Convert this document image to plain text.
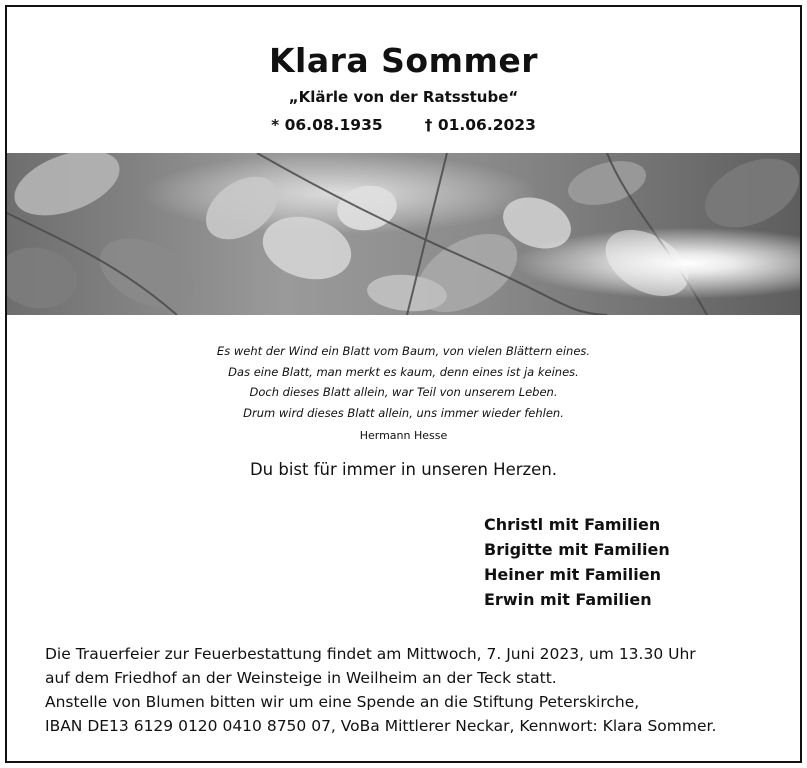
Klara Sommer
„Klärle von der Ratsstube“
* 06.08.1935	† 01.06.2023
Es weht der Wind ein Blatt vom Baum, von vielen Blättern eines.
Das eine Blatt, man merkt es kaum, denn eines ist ja keines.
Doch dieses Blatt allein, war Teil von unserem Leben.
Drum wird dieses Blatt allein, uns immer wieder fehlen.
Hermann Hesse
Du bist für immer in unseren Herzen.
Christl mit Familien
Brigitte mit Familien
Heiner mit Familien
Erwin mit Familien
Die Trauerfeier zur Feuerbestattung findet am Mittwoch, 7. Juni 2023, um 13.30 Uhr
auf dem Friedhof an der Weinsteige in Weilheim an der Teck statt.
Anstelle von Blumen bitten wir um eine Spende an die Stiftung Peterskirche,
IBAN DE13 6129 0120 0410 8750 07, VoBa Mittlerer Neckar, Kennwort: Klara Sommer.
